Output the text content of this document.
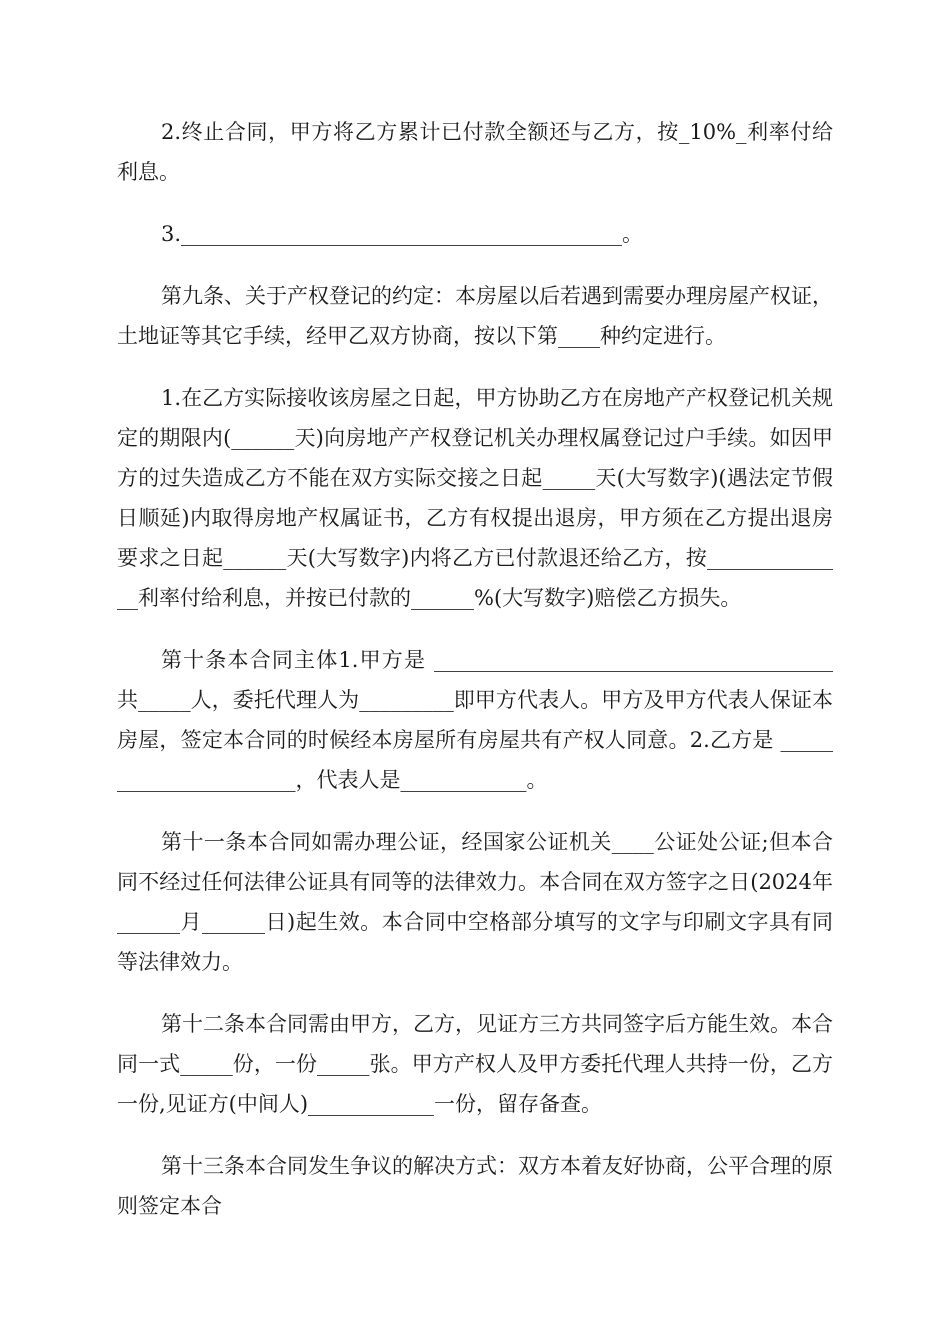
2.终止合同，甲方将乙方累计已付款全额还与乙方，按_10%_利率付给利息。

3.__________________________________________。

第九条、关于产权登记的约定：本房屋以后若遇到需要办理房屋产权证，土地证等其它手续，经甲乙双方协商，按以下第____种约定进行。

1.在乙方实际接收该房屋之日起，甲方协助乙方在房地产产权登记机关规定的期限内(______天)向房地产产权登记机关办理权属登记过户手续。如因甲方的过失造成乙方不能在双方实际交接之日起_____天(大写数字)(遇法定节假日顺延)内取得房地产权属证书，乙方有权提出退房，甲方须在乙方提出退房要求之日起______天(大写数字)内将乙方已付款退还给乙方，按______________利率付给利息，并按已付款的______%(大写数字)赔偿乙方损失。

第十条本合同主体1.甲方是 ______________________________________共_____人，委托代理人为_________即甲方代表人。甲方及甲方代表人保证本房屋，签定本合同的时候经本房屋所有房屋共有产权人同意。2.乙方是 ______________________，代表人是____________。

第十一条本合同如需办理公证，经国家公证机关____公证处公证;但本合同不经过任何法律公证具有同等的法律效力。本合同在双方签字之日(2024年______月______日)起生效。本合同中空格部分填写的文字与印刷文字具有同等法律效力。

第十二条本合同需由甲方，乙方，见证方三方共同签字后方能生效。本合同一式_____份，一份_____张。甲方产权人及甲方委托代理人共持一份，乙方一份,见证方(中间人)____________一份，留存备查。

第十三条本合同发生争议的解决方式：双方本着友好协商，公平合理的原则签定本合
